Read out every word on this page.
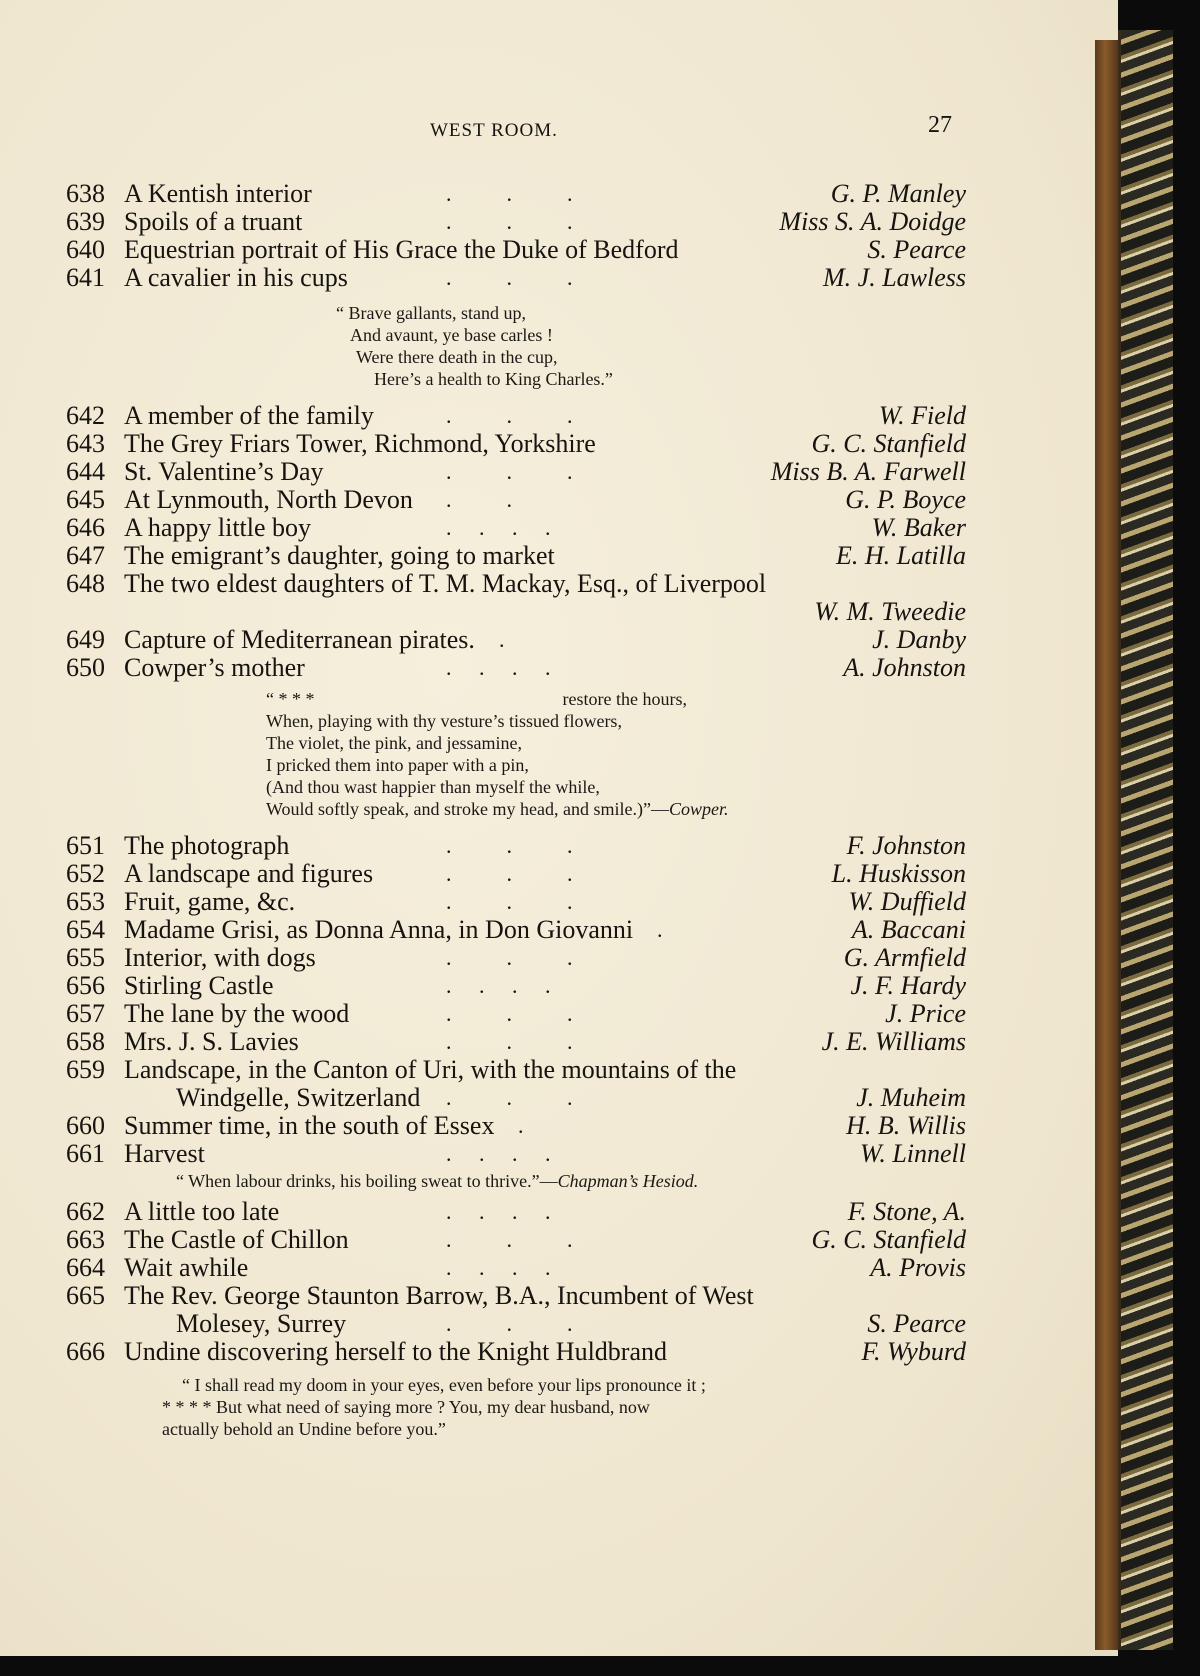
WEST ROOM.	27
638 A Kentish interior	.          .          .	G. P. Manley
639 Spoils of a truant	.          .          .	Miss S. A. Doidge
640 Equestrian portrait of His Grace the Duke of Bedford	S. Pearce
641 A cavalier in his cups	.          .          .	M. J. Lawless
“ Brave gallants, stand up,
And avaunt, ye base carles !
Were there death in the cup,
Here’s a health to King Charles.”
642 A member of the family	.          .          .	W. Field
643 The Grey Friars Tower, Richmond, Yorkshire	G. C. Stanfield
644 St. Valentine’s Day	.          .          .	Miss B. A. Farwell
645 At Lynmouth, North Devon .          .	G. P. Boyce
646 A happy little boy	.     .     .     .	W. Baker
647 The emigrant’s daughter, going to market	E. H. Latilla
648 The two eldest daughters of T. M. Mackay, Esq., of Liverpool
W. M. Tweedie
649 Capture of Mediterranean pirates. .	J. Danby
650 Cowper’s mother	.     .     .     .	A. Johnston
“ * * *	restore the hours,
When, playing with thy vesture’s tissued flowers,
The violet, the pink, and jessamine,
I pricked them into paper with a pin,
(And thou wast happier than myself the while,
Would softly speak, and stroke my head, and smile.)”—Cowper.
651 The photograph	.          .          .	F. Johnston
652 A landscape and figures	.          .          .	L. Huskisson
653 Fruit, game, &c.	.          .          .	W. Duffield
654 Madame Grisi, as Donna Anna, in Don Giovanni .	A. Baccani
655 Interior, with dogs	.          .          .	G. Armfield
656 Stirling Castle	.     .     .     .	J. F. Hardy
657 The lane by the wood	.          .          .	J. Price
658 Mrs. J. S. Lavies	.          .          .	J. E. Williams
659 Landscape, in the Canton of Uri, with the mountains of the
Windgelle, Switzerland .          .          .	J. Muheim
660 Summer time, in the south of Essex .	H. B. Willis
661 Harvest	.     .     .     .	W. Linnell
“ When labour drinks, his boiling sweat to thrive.”—Chapman’s Hesiod.
662 A little too late	.     .     .     .	F. Stone, A.
663 The Castle of Chillon	.          .          .	G. C. Stanfield
664 Wait awhile	.     .     .     .	A. Provis
665 The Rev. George Staunton Barrow, B.A., Incumbent of West
Molesey, Surrey	.          .          .	S. Pearce
666 Undine discovering herself to the Knight Huldbrand	F. Wyburd
“ I shall read my doom in your eyes, even before your lips pronounce it ;
* * * * But what need of saying more ? You, my dear husband, now
actually behold an Undine before you.”
